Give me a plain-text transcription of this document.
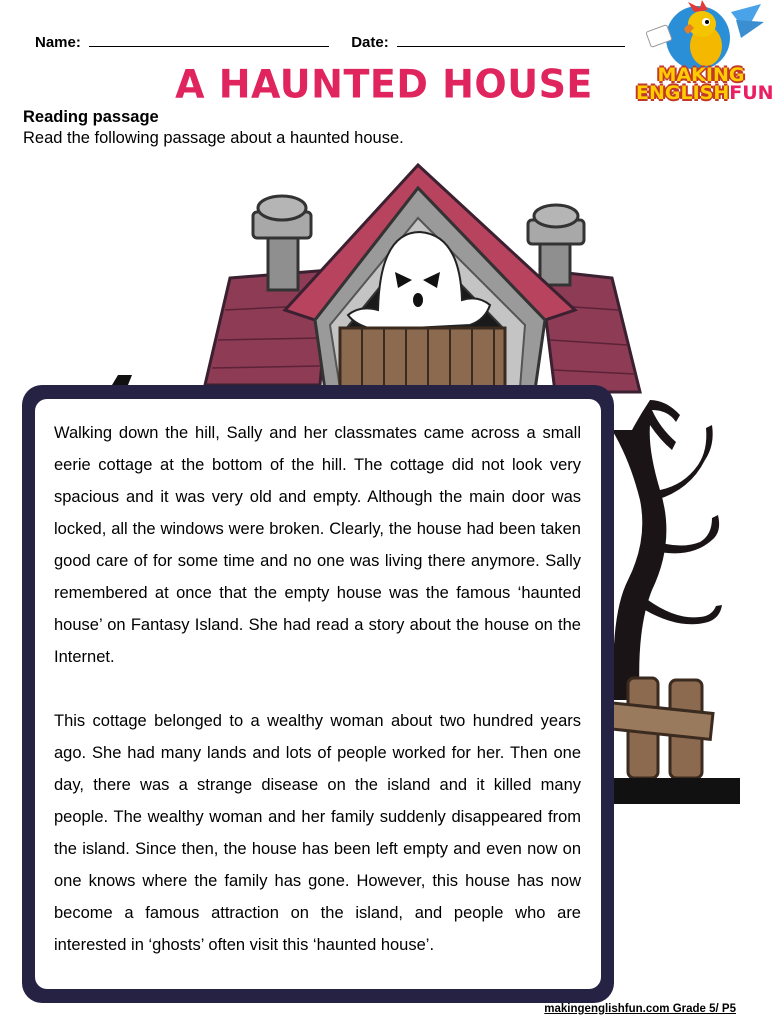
Name:	Date:
MAKING
ENGLISHFUN
A HAUNTED HOUSE
Reading passage
Read the following passage about a haunted house.

Walking down the hill, Sally and her classmates came across a small eerie cottage at the bottom of the hill. The cottage did not look very spacious and it was very old and empty. Although the main door was locked, all the windows were broken. Clearly, the house had been taken good care of for some time and no one was living there anymore. Sally remembered at once that the empty house was the famous ‘haunted house’ on Fantasy Island. She had read a story about the house on the Internet.

This cottage belonged to a wealthy woman about two hundred years ago. She had many lands and lots of people worked for her. Then one day, there was a strange disease on the island and it killed many people. The wealthy woman and her family suddenly disappeared from the island. Since then, the house has been left empty and even now on one knows where the family has gone. However, this house has now become a famous attraction on the island, and people who are interested in ‘ghosts’ often visit this ‘haunted house’.

makingenglishfun.com Grade 5/ P5
